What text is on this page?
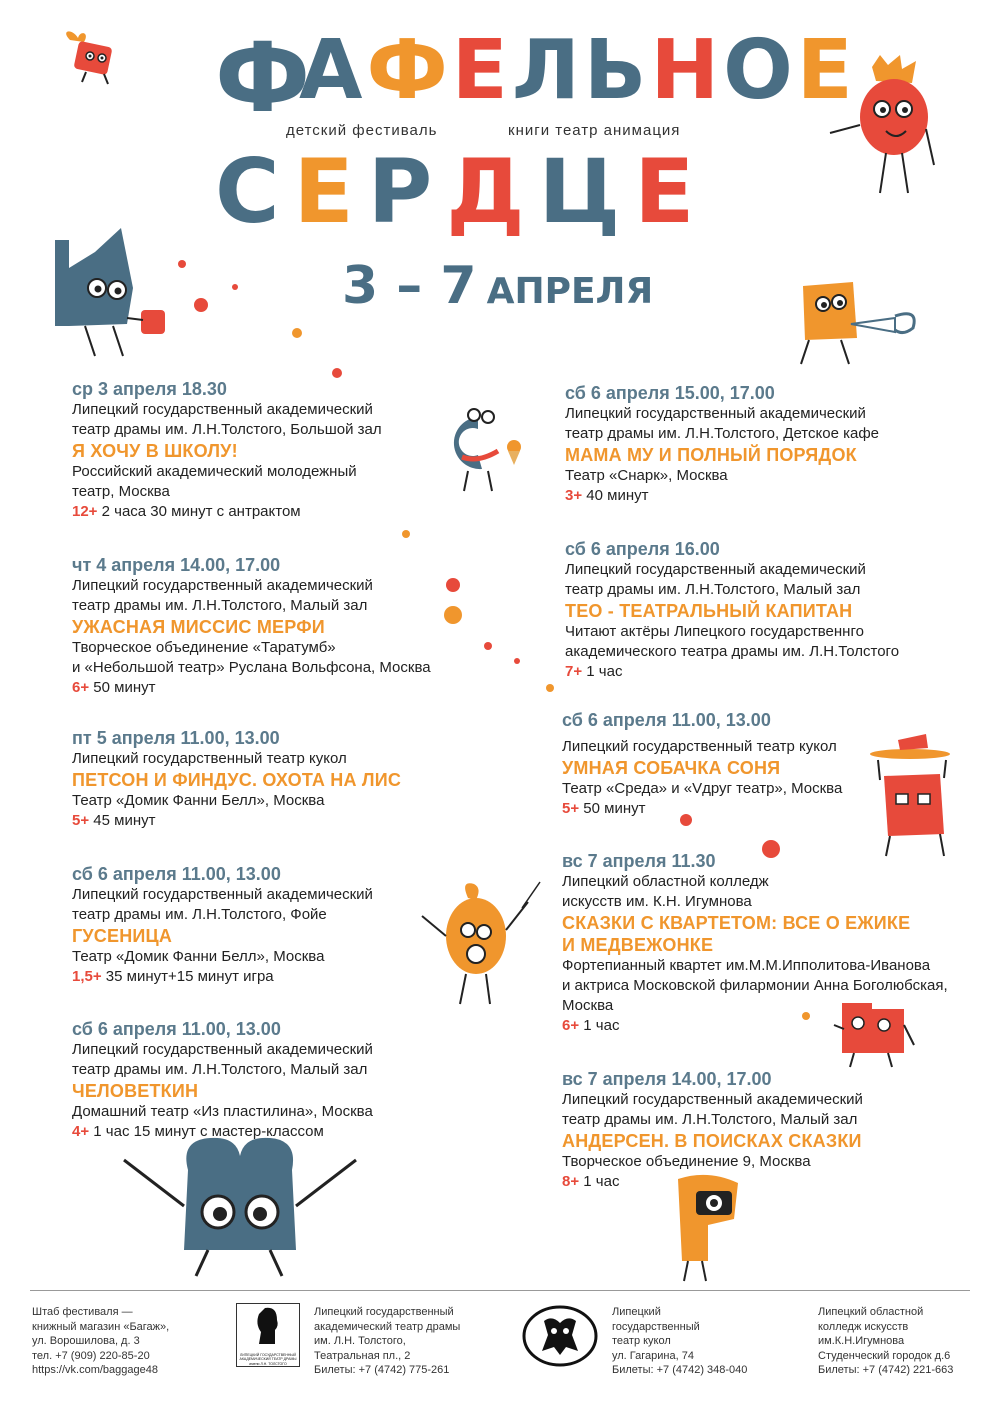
Ф
А Ф Е Л Ь Н О Е
детский фестиваль	книги театр анимация
С Е Р Д Ц Е
3 – 7 АПРЕЛЯ
ср 3 апреля 18.30
Липецкий государственный академический
театр драмы им. Л.Н.Толстого, Большой зал
Я ХОЧУ В ШКОЛУ!
Российский академический молодежный
театр, Москва
12+ 2 часа 30 минут с антрактом
чт 4 апреля 14.00, 17.00
Липецкий государственный академический
театр драмы им. Л.Н.Толстого, Малый зал
УЖАСНАЯ МИССИС МЕРФИ
Творческое объединение «Таратумб»
и «Небольшой театр» Руслана Вольфсона, Москва
6+ 50 минут
пт 5 апреля 11.00, 13.00
Липецкий государственный театр кукол
ПЕТСОН И ФИНДУС. ОХОТА НА ЛИС
Театр «Домик Фанни Белл», Москва
5+ 45 минут
сб 6 апреля 11.00, 13.00
Липецкий государственный академический
театр драмы им. Л.Н.Толстого, Фойе
ГУСЕНИЦА
Театр «Домик Фанни Белл», Москва
1,5+ 35 минут+15 минут игра
сб 6 апреля 11.00, 13.00
Липецкий государственный академический
театр драмы им. Л.Н.Толстого, Малый зал
ЧЕЛОВЕТКИН
Домашний театр «Из пластилина», Москва
4+ 1 час 15 минут с мастер-классом
сб 6 апреля 15.00, 17.00
Липецкий государственный академический
театр драмы им. Л.Н.Толстого, Детское кафе
МАМА МУ И ПОЛНЫЙ ПОРЯДОК
Театр «Снарк», Москва
3+ 40 минут
сб 6 апреля 16.00
Липецкий государственный академический
театр драмы им. Л.Н.Толстого, Малый зал
ТЕО - ТЕАТРАЛЬНЫЙ КАПИТАН
Читают актёры Липецкого государственнго
академического театра драмы им. Л.Н.Толстого
7+ 1 час
сб 6 апреля 11.00, 13.00
Липецкий государственный театр кукол
УМНАЯ СОБАЧКА СОНЯ
Театр «Среда» и «Vдруг театр», Москва
5+ 50 минут
вс 7 апреля 11.30
Липецкий областной колледж
искусств им. К.Н. Игумнова
СКАЗКИ С КВАРТЕТОМ: ВСЕ О ЕЖИКЕ
И МЕДВЕЖОНКЕ
Фортепианный квартет им.М.М.Ипполитова-Иванова
и актриса Московской филармонии Анна Боголюбская,
Москва
6+ 1 час
вс 7 апреля 14.00, 17.00
Липецкий государственный академический
театр драмы им. Л.Н.Толстого, Малый зал
АНДЕРСЕН. В ПОИСКАХ СКАЗКИ
Творческое объединение 9, Москва
8+ 1 час
Штаб фестиваля —
книжный магазин «Багаж»,
ул. Ворошилова, д. 3
тел. +7 (909) 220-85-20
https://vk.com/baggage48
ЛИПЕЦКИЙ ГОСУДАРСТВЕННЫЙ АКАДЕМИЧЕСКИЙ ТЕАТР ДРАМЫ имени Л.Н. ТОЛСТОГО
Липецкий государственный
академический театр драмы
им. Л.Н. Толстого,
Театральная пл., 2
Билеты: +7 (4742) 775-261
Липецкий
государственный
театр кукол
ул. Гагарина, 74
Билеты: +7 (4742) 348-040
Липецкий областной
колледж искусств
им.К.Н.Игумнова
Студенческий городок д.6
Билеты: +7 (4742) 221-663
